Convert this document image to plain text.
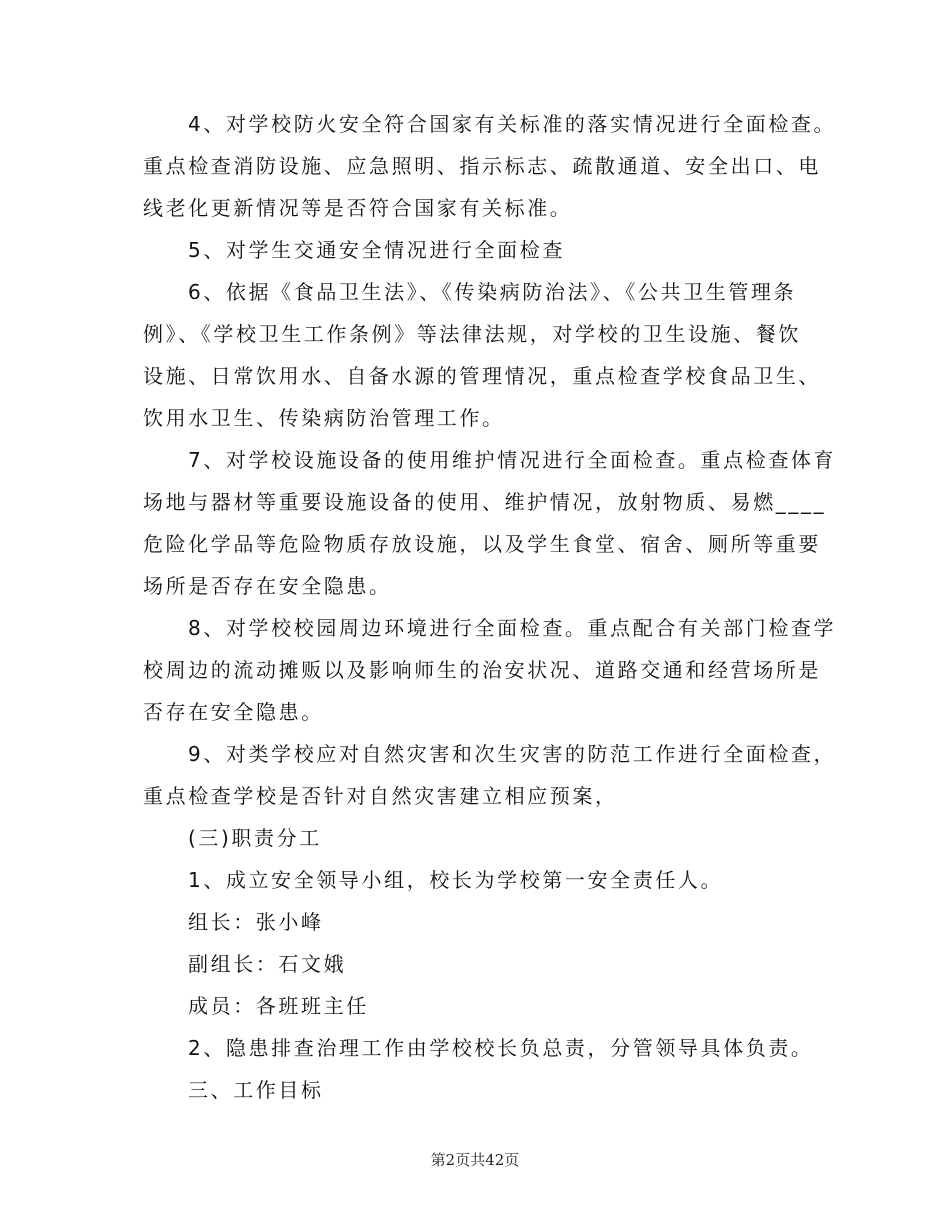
4、对学校防火安全符合国家有关标准的落实情况进行全面检查。
重点检查消防设施、应急照明、指示标志、疏散通道、安全出口、电
线老化更新情况等是否符合国家有关标准。
5、对学生交通安全情况进行全面检查
6、依据《食品卫生法》、《传染病防治法》、《公共卫生管理条
例》、《学校卫生工作条例》等法律法规，对学校的卫生设施、餐饮
设施、日常饮用水、自备水源的管理情况，重点检查学校食品卫生、
饮用水卫生、传染病防治管理工作。
7、对学校设施设备的使用维护情况进行全面检查。重点检查体育
场地与器材等重要设施设备的使用、维护情况，放射物质、易燃____
危险化学品等危险物质存放设施，以及学生食堂、宿舍、厕所等重要
场所是否存在安全隐患。
8、对学校校园周边环境进行全面检查。重点配合有关部门检查学
校周边的流动摊贩以及影响师生的治安状况、道路交通和经营场所是
否存在安全隐患。
9、对类学校应对自然灾害和次生灾害的防范工作进行全面检查，
重点检查学校是否针对自然灾害建立相应预案，
(三)职责分工
1、成立安全领导小组，校长为学校第一安全责任人。
组长：张小峰
副组长：石文娥
成员：各班班主任
2、隐患排查治理工作由学校校长负总责，分管领导具体负责。
三、工作目标
第2页共42页
